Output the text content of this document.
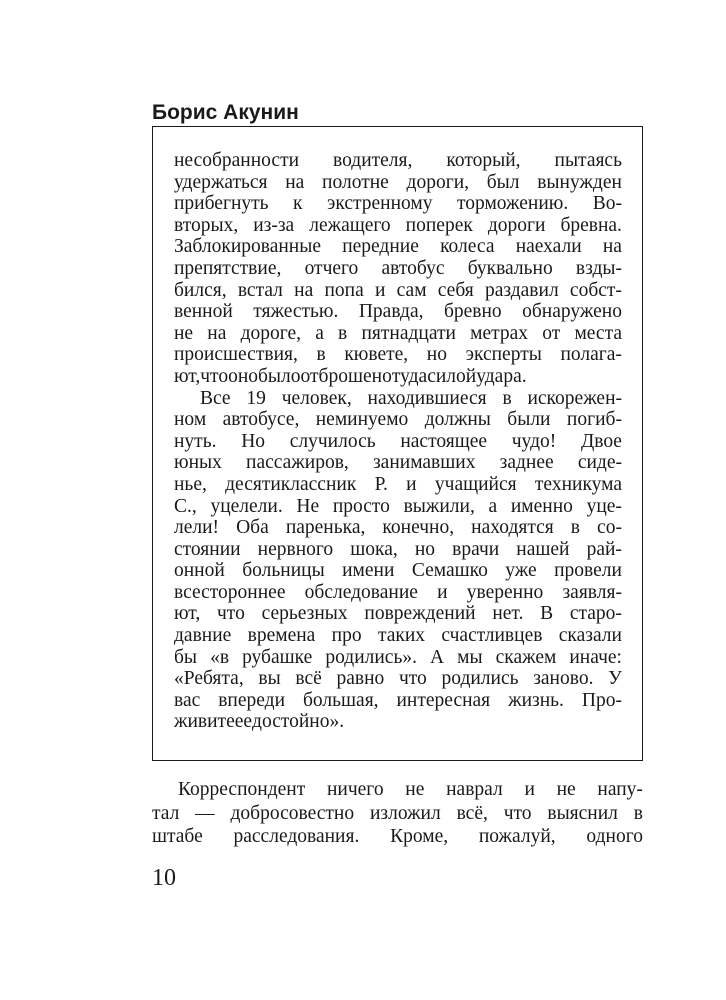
Борис Акунин
несобранности водителя, который, пытаясь
удержаться на полотне дороги, был вынужден
прибегнуть к экстренному торможению. Во-
вторых, из-за лежащего поперек дороги бревна.
Заблокированные передние колеса наехали на
препятствие, отчего автобус буквально взды-
бился, встал на попа и сам себя раздавил собст-
венной тяжестью. Правда, бревно обнаружено
не на дороге, а в пятнадцати метрах от места
происшествия, в кювете, но эксперты полага-
ют, что оно было отброшено туда силой удара.
Все 19 человек, находившиеся в искорежен-
ном автобусе, неминуемо должны были погиб-
нуть. Но случилось настоящее чудо! Двое
юных пассажиров, занимавших заднее сиде-
нье, десятиклассник Р. и учащийся техникума
С., уцелели. Не просто выжили, а именно уце-
лели! Оба паренька, конечно, находятся в со-
стоянии нервного шока, но врачи нашей рай-
онной больницы имени Семашко уже провели
всестороннее обследование и уверенно заявля-
ют, что серьезных повреждений нет. В старо-
давние времена про таких счастливцев сказали
бы «в рубашке родились». А мы скажем иначе:
«Ребята, вы всё равно что родились заново. У
вас впереди большая, интересная жизнь. Про-
живите ее достойно».
Корреспондент ничего не наврал и не напу-
тал — добросовестно изложил всё, что выяснил в
штабе расследования. Кроме, пожалуй, одного
10
